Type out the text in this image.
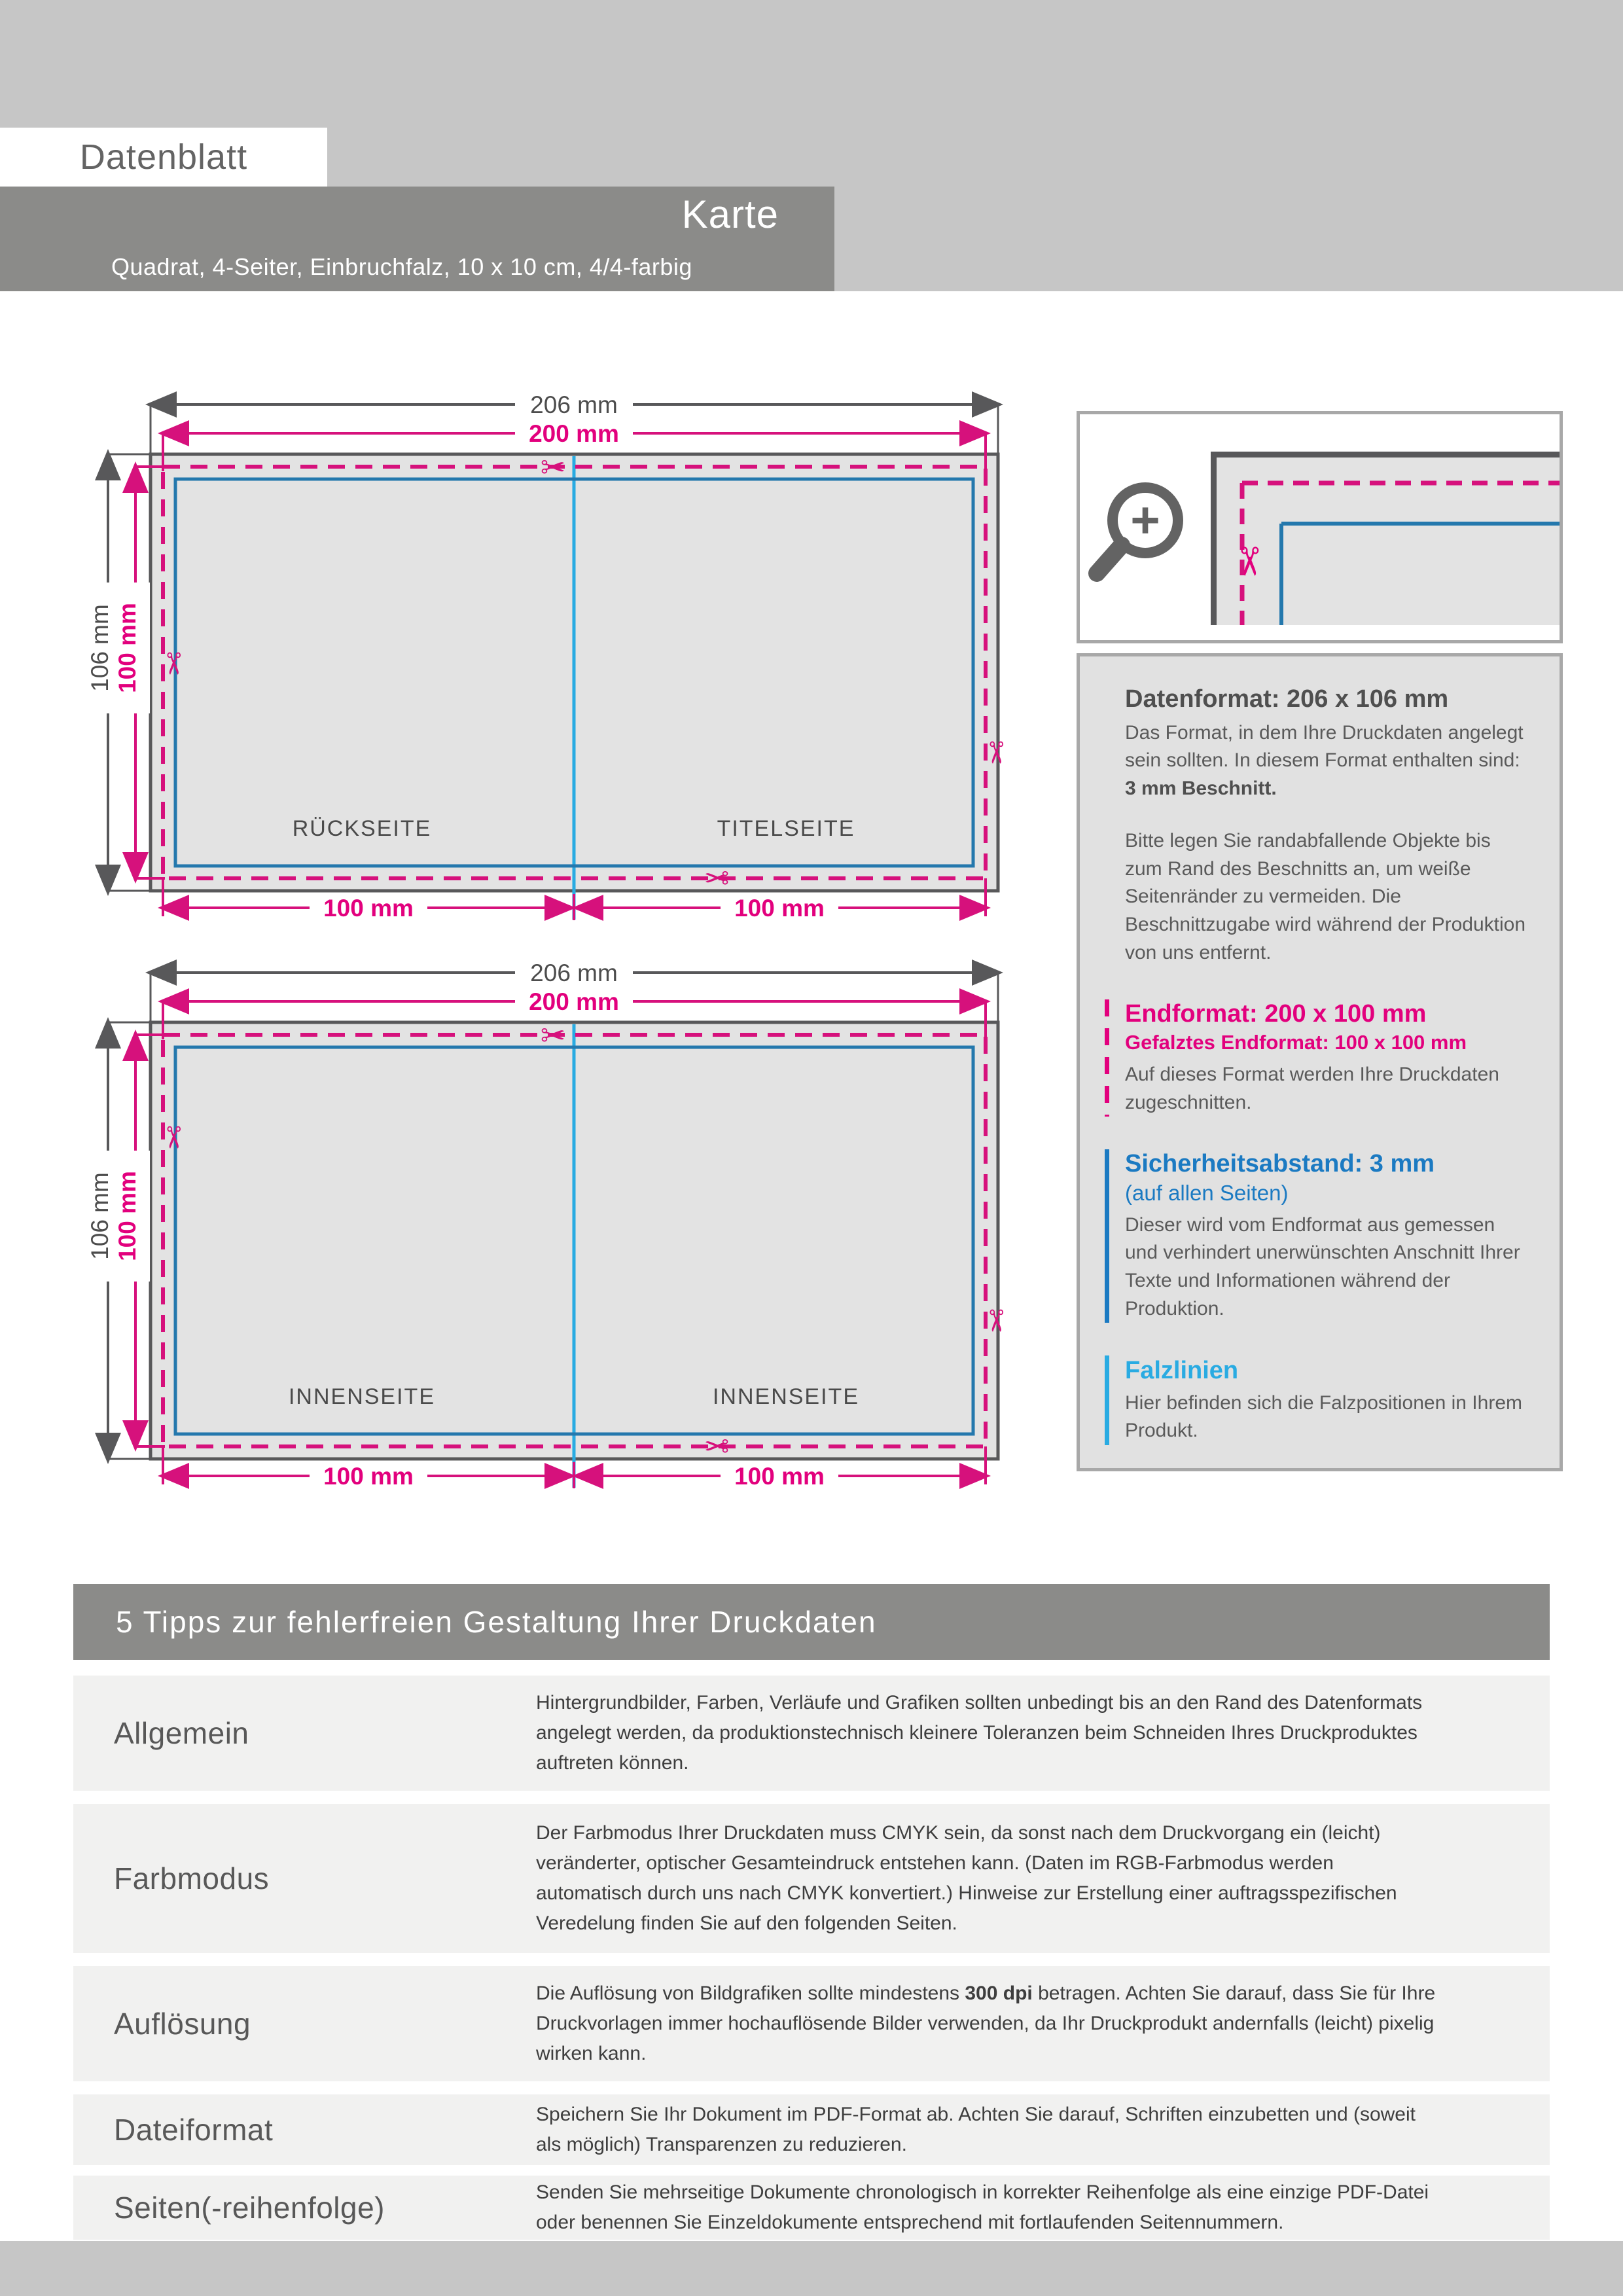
Datenblatt
Karte
Quadrat, 4-Seiter, Einbruchfalz, 10 x 10 cm, 4/4-farbig
206 mm
200 mm
106 mm 100 mm
100 mm	100 mm
RÜCKSEITE	TITELSEITE
✂
✂
✂
✂
206 mm
200 mm
106 mm 100 mm
100 mm	100 mm
INNENSEITE	INNENSEITE
✂
✂
✂
✂
✂
+
Datenformat: 206 x 106 mm
Das Format, in dem Ihre Druckdaten angelegt sein sollten. In diesem Format enthalten sind: 3 mm Beschnitt.
Bitte legen Sie randabfallende Objekte bis zum Rand des Beschnitts an, um weiße Seitenränder zu vermeiden. Die Beschnittzugabe wird während der Produktion von uns entfernt.
Endformat: 200 x 100 mm
Gefalztes Endformat: 100 x 100 mm
Auf dieses Format werden Ihre Druckdaten zugeschnitten.
Sicherheitsabstand: 3 mm
(auf allen Seiten)
Dieser wird vom Endformat aus gemessen und verhindert unerwünschten Anschnitt Ihrer Texte und Informationen während der Produktion.
Falzlinien
Hier befinden sich die Falzpositionen in Ihrem Produkt.
5 Tipps zur fehlerfreien Gestaltung Ihrer Druckdaten
Allgemein
Hintergrundbilder, Farben, Verläufe und Grafiken sollten unbedingt bis an den Rand des Datenformats angelegt werden, da produktionstechnisch kleinere Toleranzen beim Schneiden Ihres Druckproduktes auftreten können.
Farbmodus
Der Farbmodus Ihrer Druckdaten muss CMYK sein, da sonst nach dem Druckvorgang ein (leicht) veränderter, optischer Gesamteindruck entstehen kann. (Daten im RGB-Farbmodus werden automatisch durch uns nach CMYK konvertiert.) Hinweise zur Erstellung einer auftragsspezifischen Veredelung finden Sie auf den folgenden Seiten.
Auflösung
Die Auflösung von Bildgrafiken sollte mindestens 300 dpi betragen. Achten Sie darauf, dass Sie für Ihre Druckvorlagen immer hochauflösende Bilder verwenden, da Ihr Druckprodukt andernfalls (leicht) pixelig wirken kann.
Dateiformat	Speichern Sie Ihr Dokument im PDF-Format ab. Achten Sie darauf, Schriften einzubetten und (soweit als möglich) Transparenzen zu reduzieren.
Seiten(-reihenfolge)	Senden Sie mehrseitige Dokumente chronologisch in korrekter Reihenfolge als eine einzige PDF-Datei oder benennen Sie Einzeldokumente entsprechend mit fortlaufenden Seitennummern.
